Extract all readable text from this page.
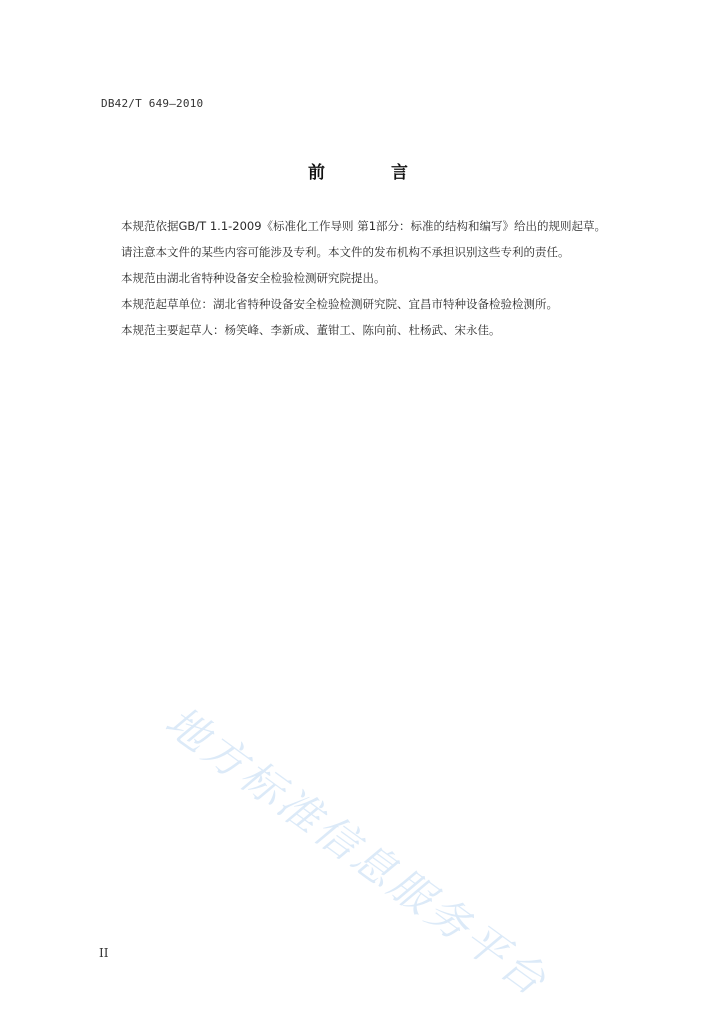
DB42/T 649—2010
前 言
本规范依据GB/T 1.1-2009《标准化工作导则 第1部分：标准的结构和编写》给出的规则起草。
请注意本文件的某些内容可能涉及专利。本文件的发布机构不承担识别这些专利的责任。
本规范由湖北省特种设备安全检验检测研究院提出。
本规范起草单位：湖北省特种设备安全检验检测研究院、宜昌市特种设备检验检测所。
本规范主要起草人：杨笑峰、李新成、董钳工、陈向前、杜杨武、宋永佳。
地方标准信息服务平台
II
